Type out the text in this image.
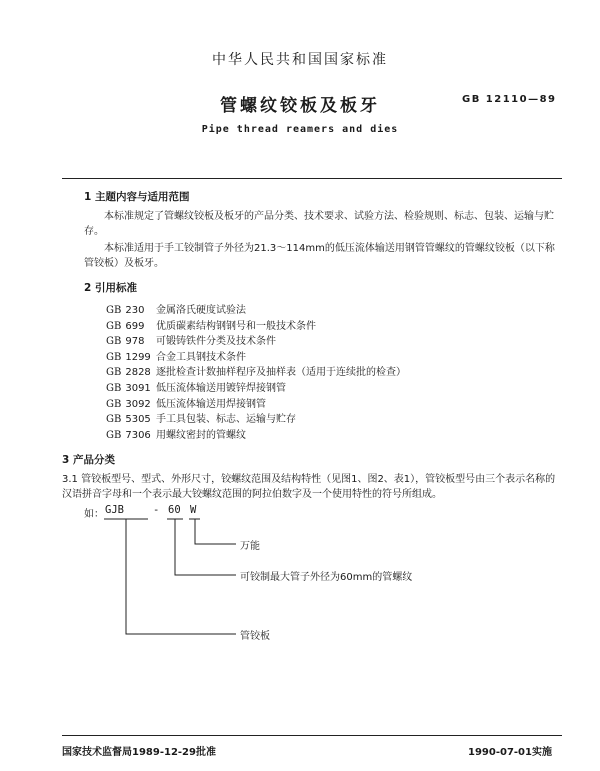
中华人民共和国国家标准
管螺纹铰板及板牙	GB 12110—89
Pipe thread reamers and dies
1 主题内容与适用范围
本标准规定了管螺纹铰板及板牙的产品分类、技术要求、试验方法、检验规则、标志、包装、运输与贮存。
本标准适用于手工铰制管子外径为21.3～114mm的低压流体输送用钢管管螺纹的管螺纹铰板（以下称管铰板）及板牙。
2 引用标准
GB 230	金属洛氏硬度试验法
GB 699	优质碳素结构钢钢号和一般技术条件
GB 978	可锻铸铁件分类及技术条件
GB 1299 合金工具钢技术条件
GB 2828 逐批检查计数抽样程序及抽样表（适用于连续批的检查）
GB 3091 低压流体输送用镀锌焊接钢管
GB 3092 低压流体输送用焊接钢管
GB 5305 手工具包装、标志、运输与贮存
GB 7306 用螺纹密封的管螺纹
3 产品分类
3.1 管铰板型号、型式、外形尺寸，铰螺纹范围及结构特性（见图1、图2、表1），管铰板型号由三个表示名称的汉语拼音字母和一个表示最大铰螺纹范围的阿拉伯数字及一个使用特性的符号所组成。
如： GJB	- 60 W
万能
可铰制最大管子外径为60mm的管螺纹
管铰板
国家技术监督局1989-12-29批准	1990-07-01实施
